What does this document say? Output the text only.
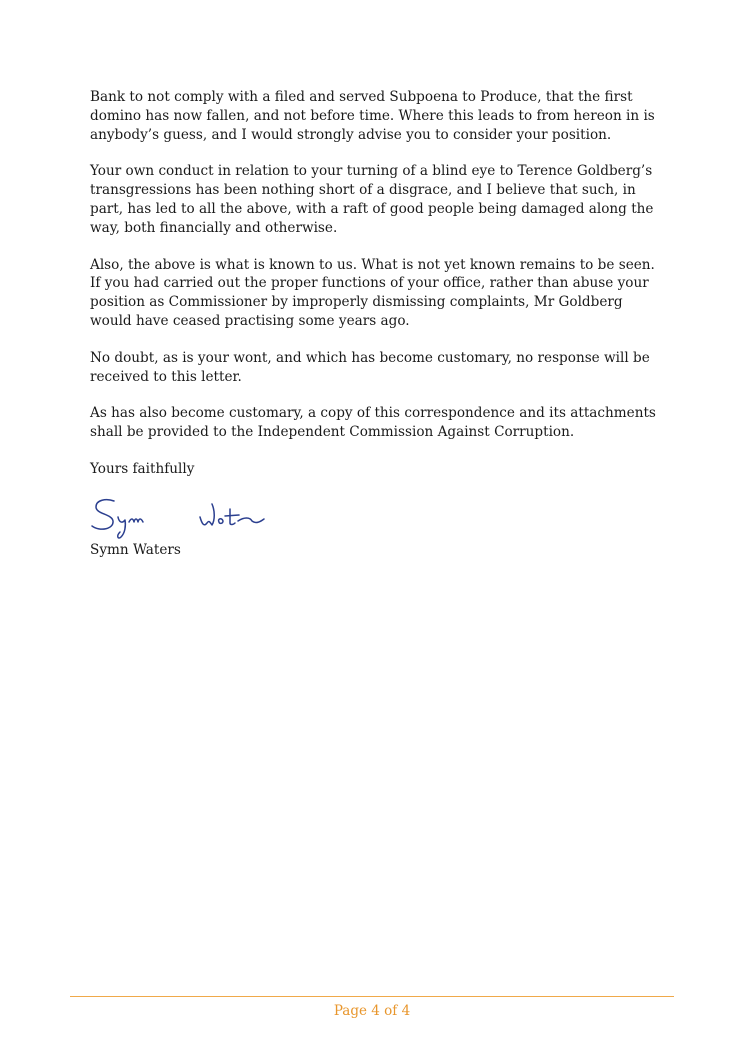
Bank to not comply with a filed and served Subpoena to Produce, that the first domino has now fallen, and not before time. Where this leads to from hereon in is anybody’s guess, and I would strongly advise you to consider your position.

Your own conduct in relation to your turning of a blind eye to Terence Goldberg’s transgressions has been nothing short of a disgrace, and I believe that such, in part, has led to all the above, with a raft of good people being damaged along the way, both financially and otherwise.

Also, the above is what is known to us. What is not yet known remains to be seen. If you had carried out the proper functions of your office, rather than abuse your position as Commissioner by improperly dismissing complaints, Mr Goldberg would have ceased practising some years ago.

No doubt, as is your wont, and which has become customary, no response will be received to this letter.

As has also become customary, a copy of this correspondence and its attachments shall be provided to the Independent Commission Against Corruption.

Yours faithfully

Symn Waters

Page 4 of 4
